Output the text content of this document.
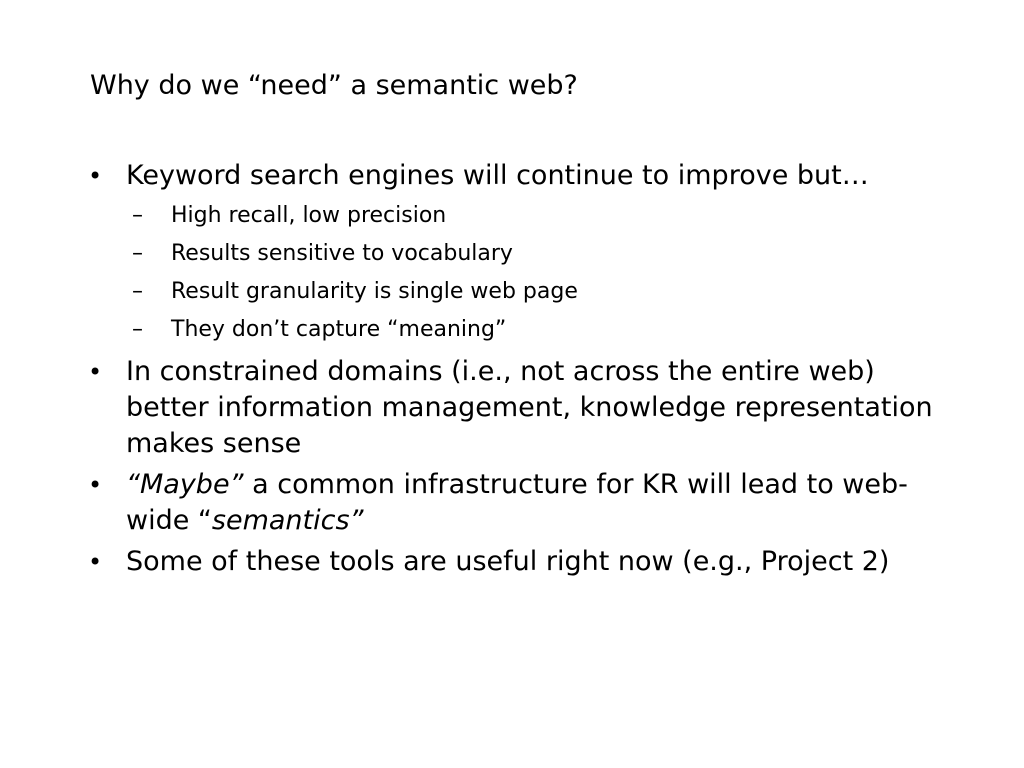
Why do we “need” a semantic web?
• Keyword search engines will continue to improve but…
– High recall, low precision
– Results sensitive to vocabulary
– Result granularity is single web page
– They don’t capture “meaning”
• In constrained domains (i.e., not across the entire web) better information management, knowledge representation makes sense
• “Maybe” a common infrastructure for KR will lead to web-wide “semantics”
• Some of these tools are useful right now (e.g., Project 2)
